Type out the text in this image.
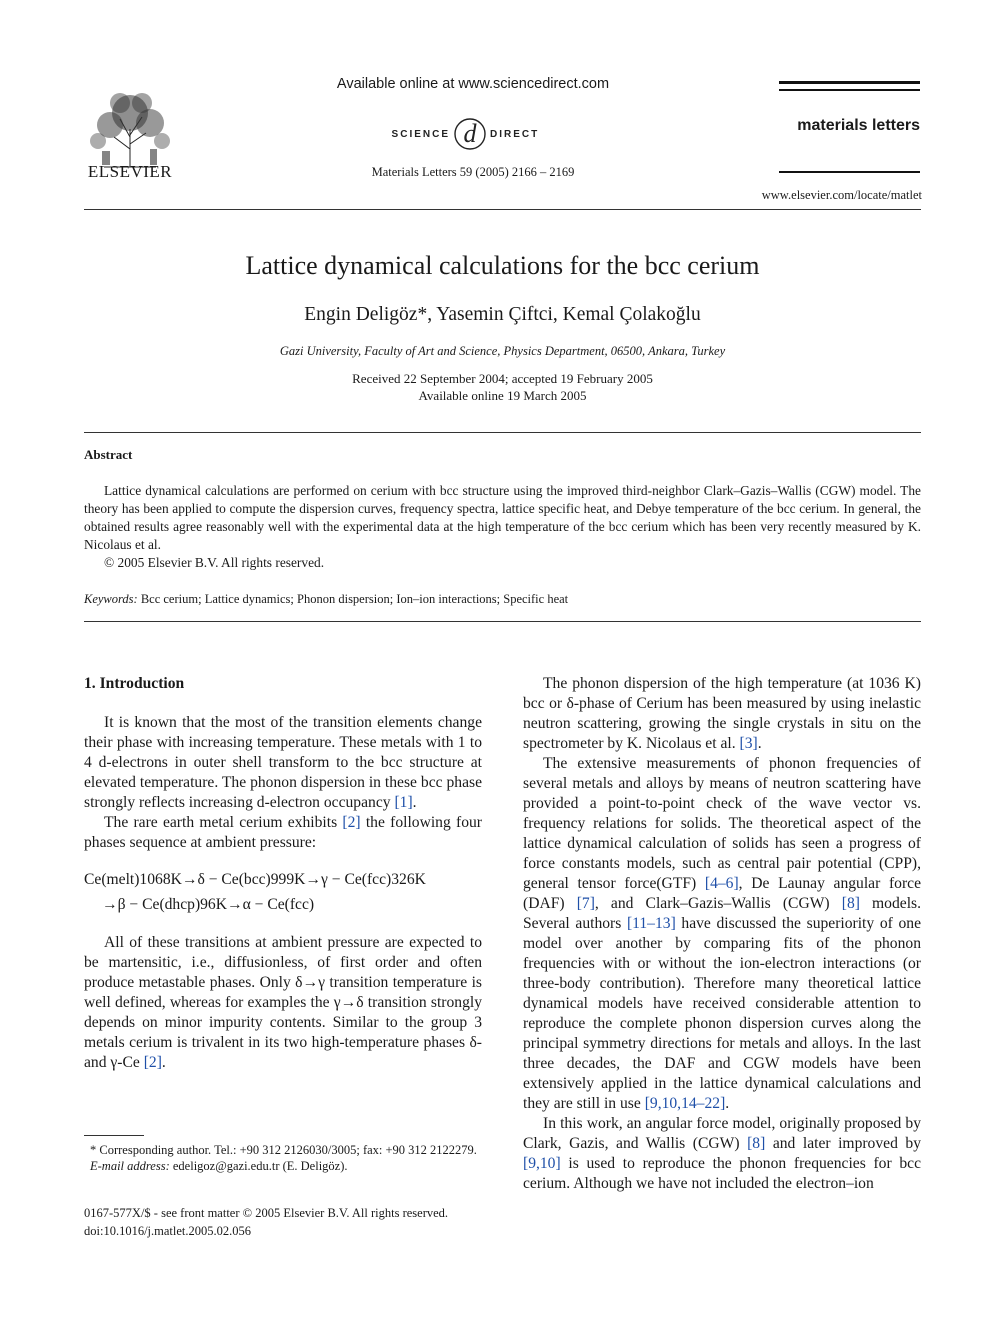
ELSEVIER
Available online at www.sciencedirect.com
SCIENCE d DIRECT
Materials Letters 59 (2005) 2166 – 2169
materials letters
www.elsevier.com/locate/matlet
Lattice dynamical calculations for the bcc cerium
Engin Deligöz*, Yasemin Çiftci, Kemal Çolakoğlu
Gazi University, Faculty of Art and Science, Physics Department, 06500, Ankara, Turkey
Received 22 September 2004; accepted 19 February 2005
Available online 19 March 2005
Abstract

Lattice dynamical calculations are performed on cerium with bcc structure using the improved third-neighbor Clark–Gazis–Wallis (CGW) model. The theory has been applied to compute the dispersion curves, frequency spectra, lattice specific heat, and Debye temperature of the bcc cerium. In general, the obtained results agree reasonably well with the experimental data at the high temperature of the bcc cerium which has been very recently measured by K. Nicolaus et al.

© 2005 Elsevier B.V. All rights reserved.

Keywords: Bcc cerium; Lattice dynamics; Phonon dispersion; Ion–ion interactions; Specific heat

1. Introduction

It is known that the most of the transition elements change their phase with increasing temperature. These metals with 1 to 4 d-electrons in outer shell transform to the bcc structure at elevated temperature. The phonon dispersion in these bcc phase strongly reflects increasing d-electron occupancy [1].

The rare earth metal cerium exhibits [2] the following four phases sequence at ambient pressure:

Ce(melt)1068K→δ − Ce(bcc)999K→γ − Ce(fcc)326K
→β − Ce(dhcp)96K→α − Ce(fcc)

All of these transitions at ambient pressure are expected to be martensitic, i.e., diffusionless, of first order and often produce metastable phases. Only δ→γ transition temperature is well defined, whereas for examples the γ→δ transition strongly depends on minor impurity contents. Similar to the group 3 metals cerium is trivalent in its two high-temperature phases δ- and γ-Ce [2].

The phonon dispersion of the high temperature (at 1036 K) bcc or δ-phase of Cerium has been measured by using inelastic neutron scattering, growing the single crystals in situ on the spectrometer by K. Nicolaus et al. [3].

The extensive measurements of phonon frequencies of several metals and alloys by means of neutron scattering have provided a point-to-point check of the wave vector vs. frequency relations for solids. The theoretical aspect of the lattice dynamical calculation of solids has seen a progress of force constants models, such as central pair potential (CPP), general tensor force(GTF) [4–6], De Launay angular force (DAF) [7], and Clark–Gazis–Wallis (CGW) [8] models. Several authors [11–13] have discussed the superiority of one model over another by comparing fits of the phonon frequencies with or without the ion-electron interactions (or three-body contribution). Therefore many theoretical lattice dynamical models have received considerable attention to reproduce the complete phonon dispersion curves along the principal symmetry directions for metals and alloys. In the last three decades, the DAF and CGW models have been extensively applied in the lattice dynamical calculations and they are still in use [9,10,14–22].

In this work, an angular force model, originally proposed by Clark, Gazis, and Wallis (CGW) [8] and later improved by [9,10] is used to reproduce the phonon frequencies for bcc cerium. Although we have not included the electron–ion

* Corresponding author. Tel.: +90 312 2126030/3005; fax: +90 312 2122279.

E-mail address: edeligoz@gazi.edu.tr (E. Deligöz).

0167-577X/$ - see front matter © 2005 Elsevier B.V. All rights reserved.
doi:10.1016/j.matlet.2005.02.056
